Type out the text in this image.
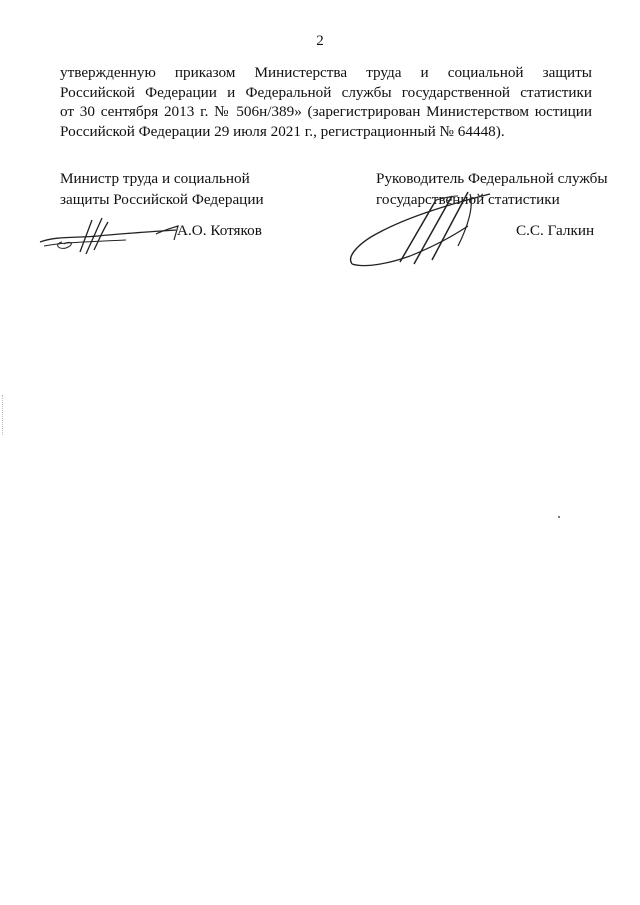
2
утвержденную приказом Министерства труда и социальной защиты
Российской Федерации и Федеральной службы государственной статистики
от 30 сентября 2013 г. № 506н/389» (зарегистрирован Министерством юстиции
Российской Федерации 29 июля 2021 г., регистрационный № 64448).
Министр труда и социальной
защиты Российской Федерации
Руководитель Федеральной службы
государственной статистики
А.О. Котяков	С.С. Галкин
